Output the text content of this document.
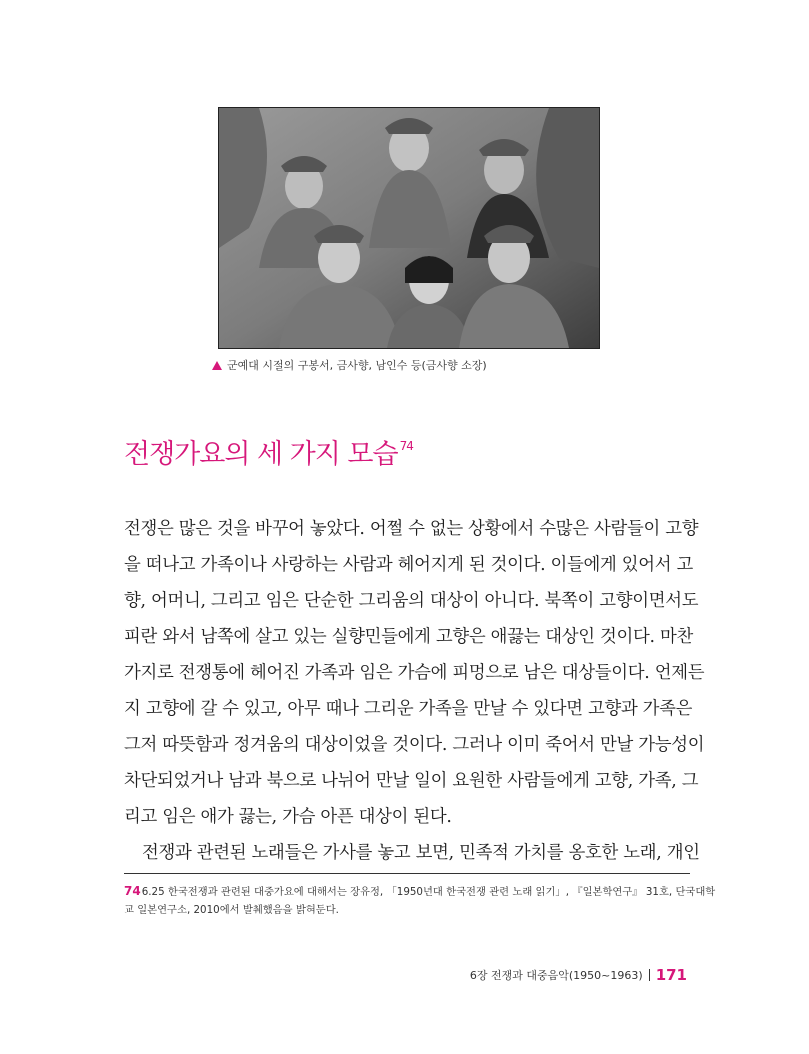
군예대 시절의 구봉서, 금사향, 남인수 등(금사향 소장)
전쟁가요의 세 가지 모습 $^{74}$
전쟁은 많은 것을 바꾸어 놓았다. 어쩔 수 없는 상황에서 수많은 사람들이 고향
을 떠나고 가족이나 사랑하는 사람과 헤어지게 된 것이다. 이들에게 있어서 고
향, 어머니, 그리고 임은 단순한 그리움의 대상이 아니다. 북쪽이 고향이면서도
피란 와서 남쪽에 살고 있는 실향민들에게 고향은 애끓는 대상인 것이다. 마찬
가지로 전쟁통에 헤어진 가족과 임은 가슴에 피멍으로 남은 대상들이다. 언제든
지 고향에 갈 수 있고, 아무 때나 그리운 가족을 만날 수 있다면 고향과 가족은
그저 따뜻함과 정겨움의 대상이었을 것이다. 그러나 이미 죽어서 만날 가능성이
차단되었거나 남과 북으로 나뉘어 만날 일이 요원한 사람들에게 고향, 가족, 그
리고 임은 애가 끓는, 가슴 아픈 대상이 된다.
전쟁과 관련된 노래들은 가사를 놓고 보면, 민족적 가치를 옹호한 노래, 개인
746.25 한국전쟁과 관련된 대중가요에 대해서는 장유정, 「1950년대 한국전쟁 관련 노래 읽기」, 『일본학연구』 31호, 단국대학
교 일본연구소, 2010에서 발췌했음을 밝혀둔다.
6장 전쟁과 대중음악(1950~1963) 171
